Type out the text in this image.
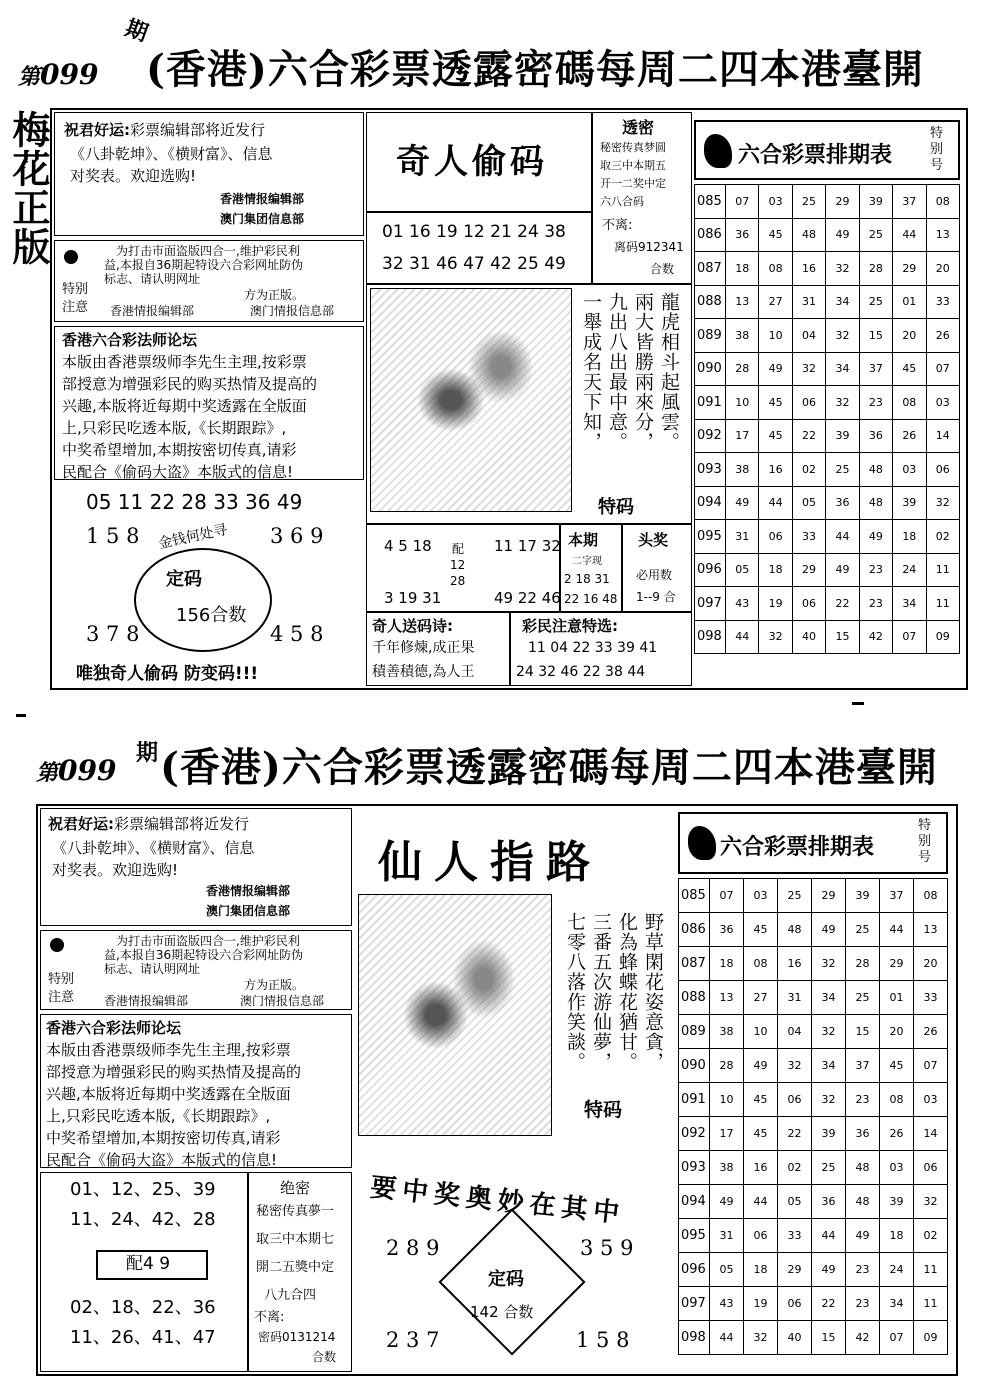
第099
期
(香港)六合彩票透露密碼每周二四本港臺開
梅花正版 祝君好运:彩票编辑部将近发行
《八卦乾坤》、《横财富》、信息
对奖表。欢迎选购!
香港情报编辑部
澳门集团信息部
特别
注意
为打击市面盗版四合一,维护彩民利
益,本报自36期起特设六合彩网址防伪
标志、请认明网址
方为正版。
香港情报编辑部	澳门情报信息部
香港六合彩法师论坛
本版由香港票级师李先生主理,按彩票
部授意为增强彩民的购买热情及提高的
兴趣,本版将近每期中奖透露在全版面
上,只彩民吃透本版,《长期跟踪》,
中奖希望增加,本期按密切传真,请彩
民配合《偷码大盗》本版式的信息!
05 11 22 28 33 36 49
1 5 8	3 6 9
3 7 8	4 5 8
金钱何处寻
定码
156合数
唯独奇人偷码 防变码!!!
奇人偷码
01 16 19 12 21 24 38
32 31 46 47 42 25 49
透密
秘密传真梦圆
取三中本期五
开一二奖中定
六八合码
不离:
离码912341
合数
龍虎相斗起風雲。
兩大皆勝兩來分，
九出八出最中意。
一舉成名天下知，
特码
4 5 18
3 19 31
配
12
28
11 17 32
49 22 46
本期
二字现
2 18 31
22 16 48
头奖
必用数
1--9 合
奇人送码诗:
千年修煉,成正果
積善積德,為人王
彩民注意特选:
11 04 22 33 39 41
24 32 46 22 38 44
六合彩票排期表
特别号
085	07	03	25	29	39	37	08
086	36	45	48	49	25	44	13
087	18	08	16	32	28	29	20
088	13	27	31	34	25	01	33
089	38	10	04	32	15	20	26
090	28	49	32	34	37	45	07
091	10	45	06	32	23	08	03
092	17	45	22	39	36	26	14
093	38	16	02	25	48	03	06
094	49	44	05	36	48	39	32
095	31	06	33	44	49	18	02
096	05	18	29	49	23	24	11
097	43	19	06	22	23	34	11
098	44	32	40	15	42	07	09
第099
期 (香港)六合彩票透露密碼每周二四本港臺開
祝君好运:彩票编辑部将近发行
《八卦乾坤》、《横财富》、信息
对奖表。欢迎选购!
香港情报编辑部
澳门集团信息部
特别
注意
为打击市面盗版四合一,维护彩民利
益,本报自36期起特设六合彩网址防伪
标志、请认明网址
方为正版。
香港情报编辑部	澳门情报信息部
香港六合彩法师论坛
本版由香港票级师李先生主理,按彩票
部授意为增强彩民的购买热情及提高的
兴趣,本版将近每期中奖透露在全版面
上,只彩民吃透本版,《长期跟踪》,
中奖希望增加,本期按密切传真,请彩
民配合《偷码大盗》本版式的信息!
01、12、25、39
11、24、42、28
配4 9
02、18、22、36
11、26、41、47
绝密
秘密传真夢一
取三中本期七
開二五獎中定
八九合四
不离:
密码0131214
合数
仙人指路
野草閑花姿意貪，
化為蜂蝶花猶甘。
三番五次游仙夢，
七零八落作笑談。
特码
要中奖奥妙在其中
定码
142 合数
2 8 9	3 5 9
2 3 7	1 5 8
六合彩票排期表
特别号
085	07	03	25	29	39	37	08
086	36	45	48	49	25	44	13
087	18	08	16	32	28	29	20
088	13	27	31	34	25	01	33
089	38	10	04	32	15	20	26
090	28	49	32	34	37	45	07
091	10	45	06	32	23	08	03
092	17	45	22	39	36	26	14
093	38	16	02	25	48	03	06
094	49	44	05	36	48	39	32
095	31	06	33	44	49	18	02
096	05	18	29	49	23	24	11
097	43	19	06	22	23	34	11
098	44	32	40	15	42	07	09
